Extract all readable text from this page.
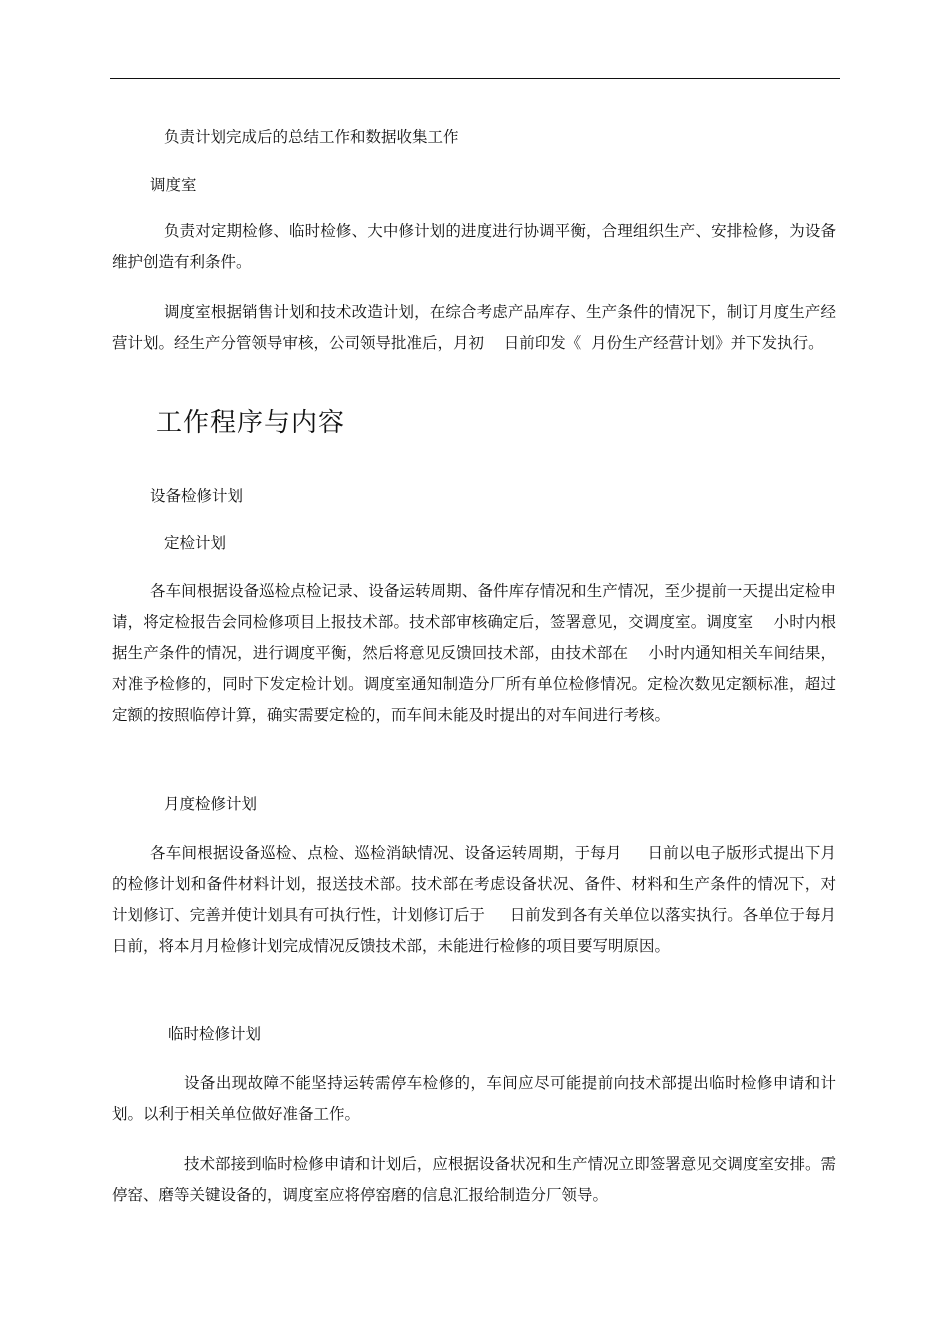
负责计划完成后的总结工作和数据收集工作

调度室

负责对定期检修、临时检修、大中修计划的进度进行协调平衡，合理组织生产、安排检修，为设备维护创造有利条件。

调度室根据销售计划和技术改造计划，在综合考虑产品库存、生产条件的情况下，制订月度生产经营计划。经生产分管领导审核，公司领导批准后，月初    日前印发《  月份生产经营计划》并下发执行。

工作程序与内容

设备检修计划

定检计划

各车间根据设备巡检点检记录、设备运转周期、备件库存情况和生产情况，至少提前一天提出定检申请，将定检报告会同检修项目上报技术部。技术部审核确定后，签署意见，交调度室。调度室    小时内根据生产条件的情况，进行调度平衡，然后将意见反馈回技术部，由技术部在    小时内通知相关车间结果，对准予检修的，同时下发定检计划。调度室通知制造分厂所有单位检修情况。定检次数见定额标准，超过定额的按照临停计算，确实需要定检的，而车间未能及时提出的对车间进行考核。

月度检修计划

各车间根据设备巡检、点检、巡检消缺情况、设备运转周期，于每月     日前以电子版形式提出下月的检修计划和备件材料计划，报送技术部。技术部在考虑设备状况、备件、材料和生产条件的情况下，对计划修订、完善并使计划具有可执行性，计划修订后于     日前发到各有关单位以落实执行。各单位于每月     日前，将本月月检修计划完成情况反馈技术部，未能进行检修的项目要写明原因。

临时检修计划

设备出现故障不能坚持运转需停车检修的，车间应尽可能提前向技术部提出临时检修申请和计划。以利于相关单位做好准备工作。

技术部接到临时检修申请和计划后，应根据设备状况和生产情况立即签署意见交调度室安排。需停窑、磨等关键设备的，调度室应将停窑磨的信息汇报给制造分厂领导。
